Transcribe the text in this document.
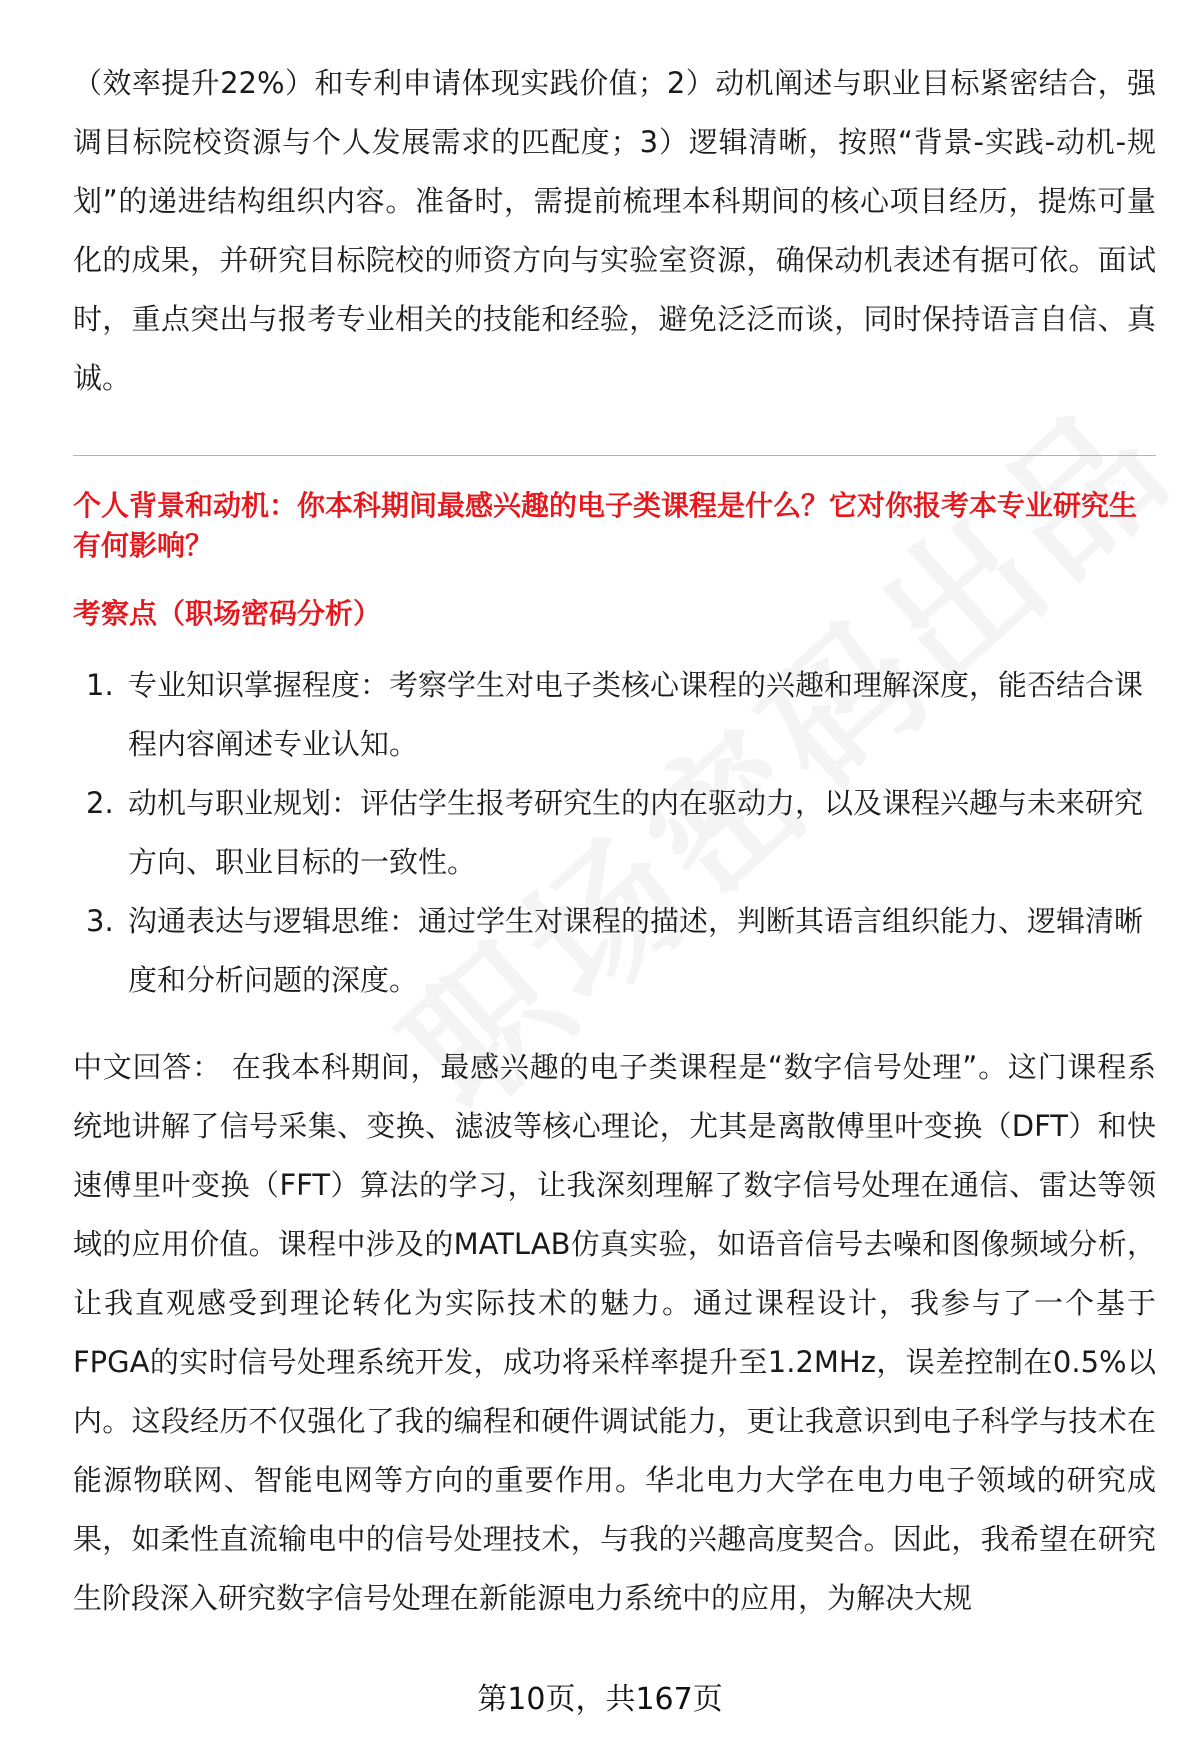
（效率提升22%）和专利申请体现实践价值；2）动机阐述与职业目标紧密结合，强调目标院校资源与个人发展需求的匹配度；3）逻辑清晰，按照“背景-实践-动机-规划”的递进结构组织内容。准备时，需提前梳理本科期间的核心项目经历，提炼可量化的成果，并研究目标院校的师资方向与实验室资源，确保动机表述有据可依。面试时，重点突出与报考专业相关的技能和经验，避免泛泛而谈，同时保持语言自信、真诚。

个人背景和动机：你本科期间最感兴趣的电子类课程是什么？它对你报考本专业研究生有何影响？

考察点（职场密码分析）

1. 专业知识掌握程度：考察学生对电子类核心课程的兴趣和理解深度，能否结合课程内容阐述专业认知。
2. 动机与职业规划：评估学生报考研究生的内在驱动力，以及课程兴趣与未来研究方向、职业目标的一致性。
3. 沟通表达与逻辑思维：通过学生对课程的描述，判断其语言组织能力、逻辑清晰度和分析问题的深度。

中文回答： 在我本科期间，最感兴趣的电子类课程是“数字信号处理”。这门课程系统地讲解了信号采集、变换、滤波等核心理论，尤其是离散傅里叶变换（DFT）和快速傅里叶变换（FFT）算法的学习，让我深刻理解了数字信号处理在通信、雷达等领域的应用价值。课程中涉及的MATLAB仿真实验，如语音信号去噪和图像频域分析，让我直观感受到理论转化为实际技术的魅力。通过课程设计，我参与了一个基于FPGA的实时信号处理系统开发，成功将采样率提升至1.2MHz，误差控制在0.5%以内。这段经历不仅强化了我的编程和硬件调试能力，更让我意识到电子科学与技术在能源物联网、智能电网等方向的重要作用。华北电力大学在电力电子领域的研究成果，如柔性直流输电中的信号处理技术，与我的兴趣高度契合。因此，我希望在研究生阶段深入研究数字信号处理在新能源电力系统中的应用，为解决大规

第10页，共167页
